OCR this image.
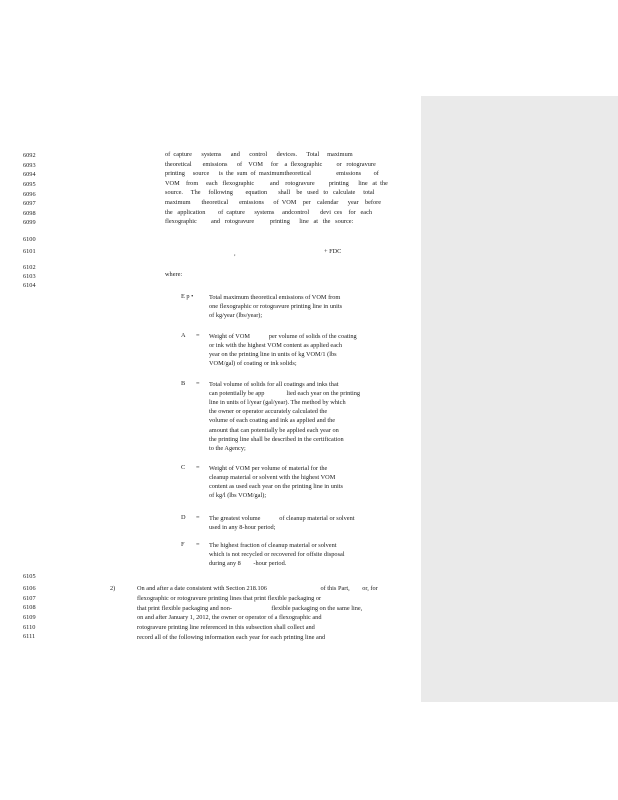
6092
6093
6094
6095
6096
6097
6098
6099
6100
6101
of  capture      systems      and      control      devices.      Total     maximum
theoretical       emissions      of    VOM     for    a  flexographic         or   rotogravure
printing     source      is  the  sum  of  maximumtheoretical                emissions        of
VOM    from     each   flexographic          and    rotogravure         printing      line   at  the
source.     The     following        equation       shall    be   used   to   calculate     total
maximum       theoretical       emissions      of  VOM    per    calendar      year    before
the   application        of  capture      systems     andcontrol       devi  ces    for   each
flexographic         and   rotogravure          printing      line   at   the   source:
,	+ FDC
6102
6103
6104
where:
E p • Total maximum theoretical emissions of VOM from
one flexographic or rotogravure printing line in units
of kg/year (lbs/year);
A = Weight of VOM            per volume of solids of the coating
or ink with the highest VOM content as applied each
year on the printing line in units of kg VOM/1 (lbs
VOM/gal) of coating or ink solids;
B = Total volume of solids for all coatings and inks that
can potentially be app              lied each year on the printing
line in units of l/year (gal/year). The method by which
the owner or operator accurately calculated the
volume of each coating and ink as applied and the
amount that can potentially be applied each year on
the printing line shall be described in the certification
to the Agency;
C = Weight of VOM per volume of material for the
cleanup material or solvent with the highest VOM
content as used each year on the printing line in units
of kg/l (lbs VOM/gal);
D = The greatest volume            of cleanup material or solvent
used in any 8-hour period;
F = The highest fraction of cleanup material or solvent
which is not recycled or recovered for offsite disposal
during any 8        -hour period.
6105
6106
6107
6108
6109
6110
6111
2)	On and after a date consistent with Section 218.106                                  of this Part,        or, for
flexographic or rotogravure printing lines that print flexible packaging or
that print flexible packaging and non-                         flexible packaging on the same line,
on and after January 1, 2012, the owner or operator of a flexographic and
rotogravure printing line referenced in this subsection shall collect and
record all of the following information each year for each printing line and
